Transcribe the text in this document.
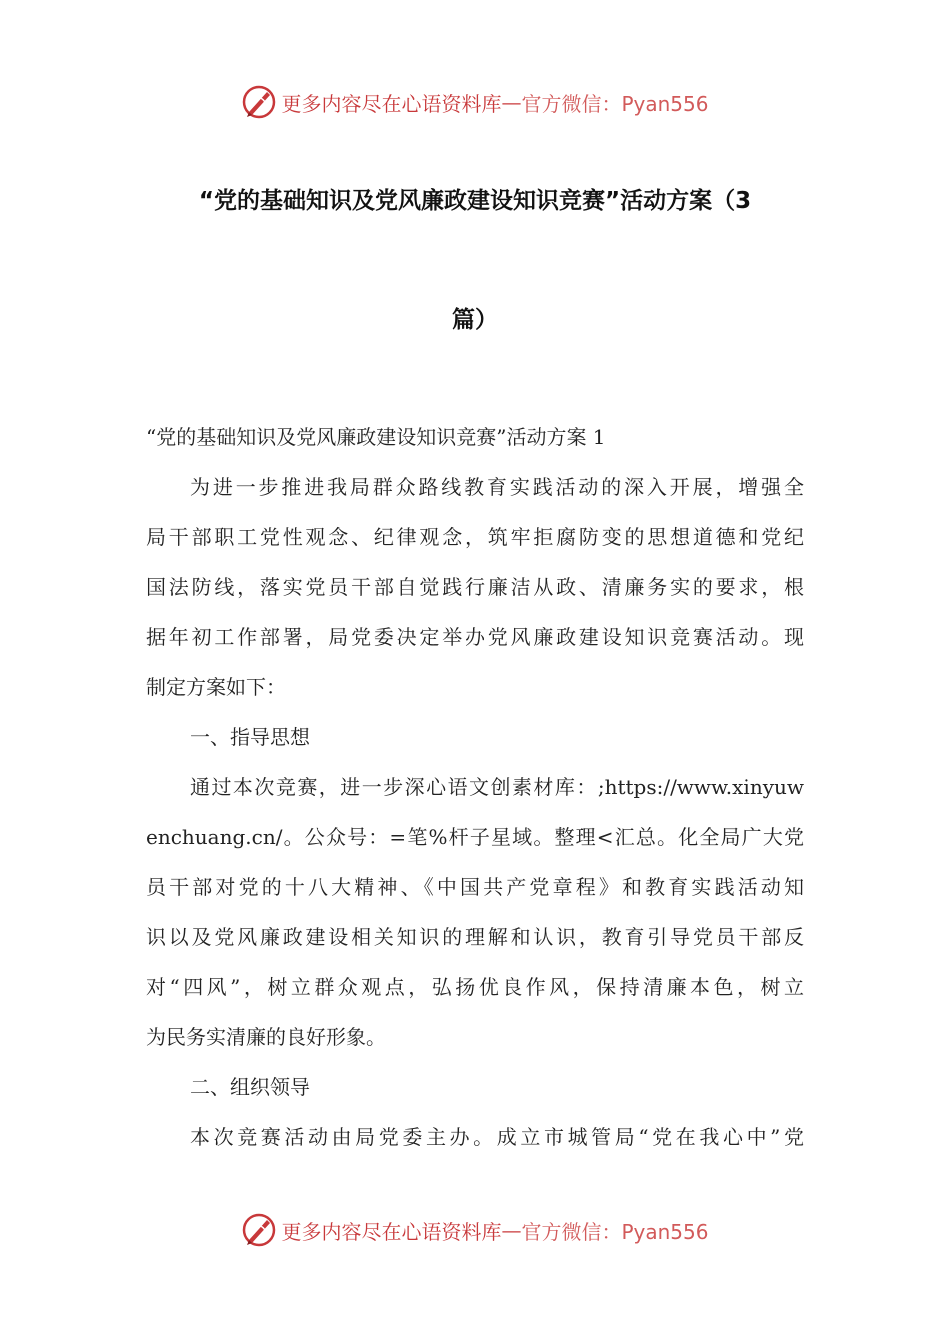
更多内容尽在心语资料库 — 官方微信：Pyan556
“党的基础知识及党风廉政建设知识竞赛”活动方案（3
篇）
“党的基础知识及党风廉政建设知识竞赛”活动方案 1
为进一步推进我局群众路线教育实践活动的深入开展，增强全
局干部职工党性观念、纪律观念，筑牢拒腐防变的思想道德和党纪
国法防线，落实党员干部自觉践行廉洁从政、清廉务实的要求，根
据年初工作部署，局党委决定举办党风廉政建设知识竞赛活动。现
制定方案如下：
一、指导思想
通过本次竞赛，进一步深心语文创素材库：;https://www.xinyuw
enchuang.cn/。公众号：=笔%杆子星域。整理<汇总。化全局广大党
员干部对党的十八大精神、《中国共产党章程》和教育实践活动知
识以及党风廉政建设相关知识的理解和认识，教育引导党员干部反
对“四风”，树立群众观点，弘扬优良作风，保持清廉本色，树立
为民务实清廉的良好形象。
二、组织领导
本次竞赛活动由局党委主办。成立市城管局“党在我心中”党
更多内容尽在心语资料库 — 官方微信：Pyan556
